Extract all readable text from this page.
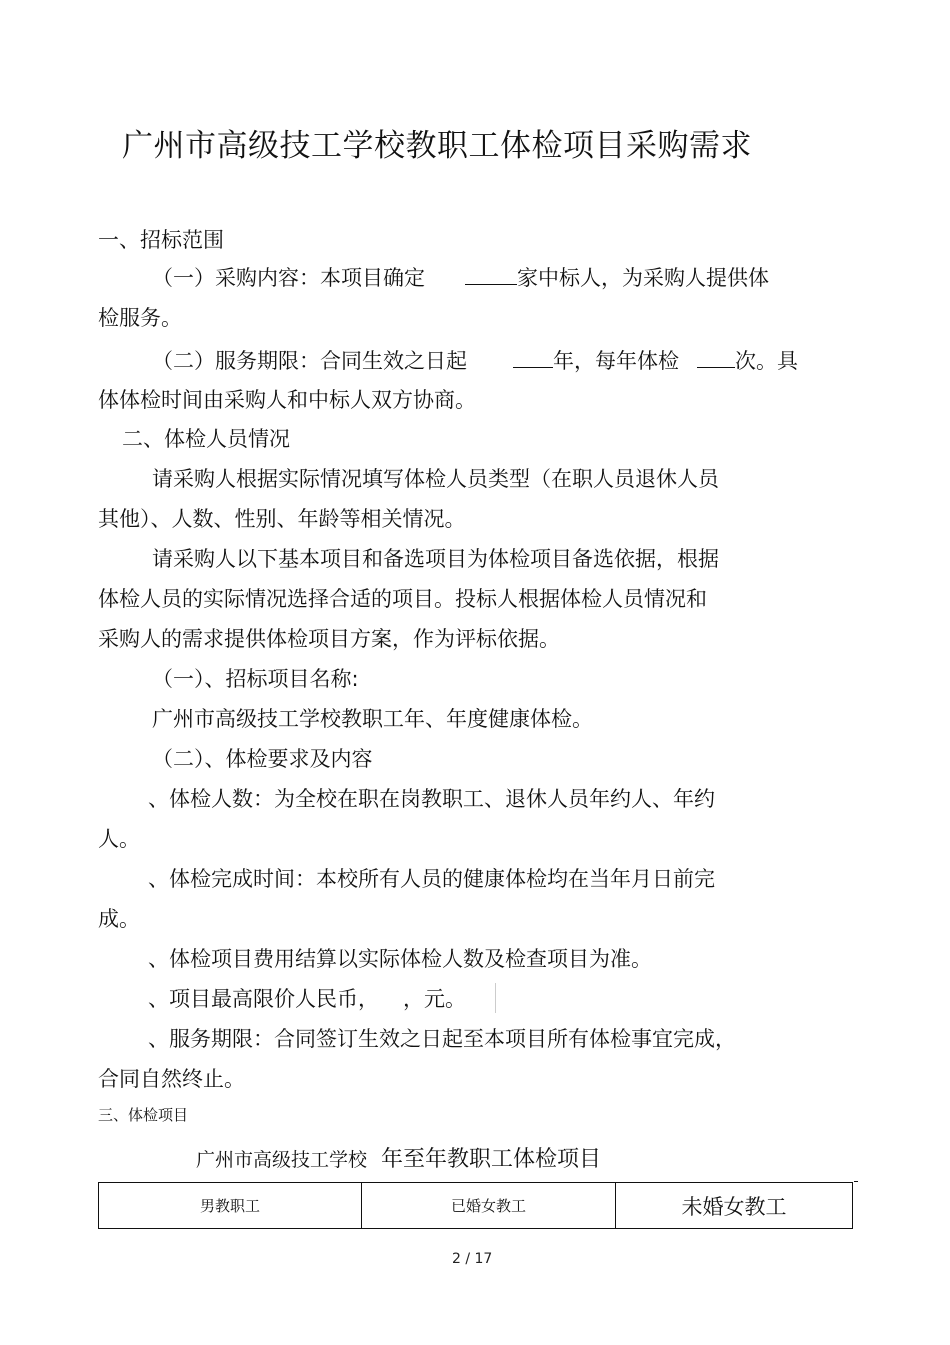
广州市高级技工学校教职工体检项目采购需求
一、招标范围
（一）采购内容：本项目确定	家中标人，为采购人提供体
检服务。
（二）服务期限：合同生效之日起	年，每年体检	次。具
体体检时间由采购人和中标人双方协商。
二、体检人员情况
请采购人根据实际情况填写体检人员类型（在职人员退休人员
其他）、人数、性别、年龄等相关情况。
请采购人以下基本项目和备选项目为体检项目备选依据，根据
体检人员的实际情况选择合适的项目。投标人根据体检人员情况和
采购人的需求提供体检项目方案，作为评标依据。
（一）、招标项目名称:
广州市高级技工学校教职工年、年度健康体检。
（二）、体检要求及内容
、体检人数：为全校在职在岗教职工、退休人员年约人、年约
人。
、体检完成时间：本校所有人员的健康体检均在当年月日前完
成。
、体检项目费用结算以实际体检人数及检查项目为准。
、项目最高限价人民币， ，元。
、服务期限：合同签订生效之日起至本项目所有体检事宜完成，
合同自然终止。
三、体检项目
广州市高级技工学校 年至年教职工体检项目
男教职工	已婚女教工	未婚女教工
2 / 17
